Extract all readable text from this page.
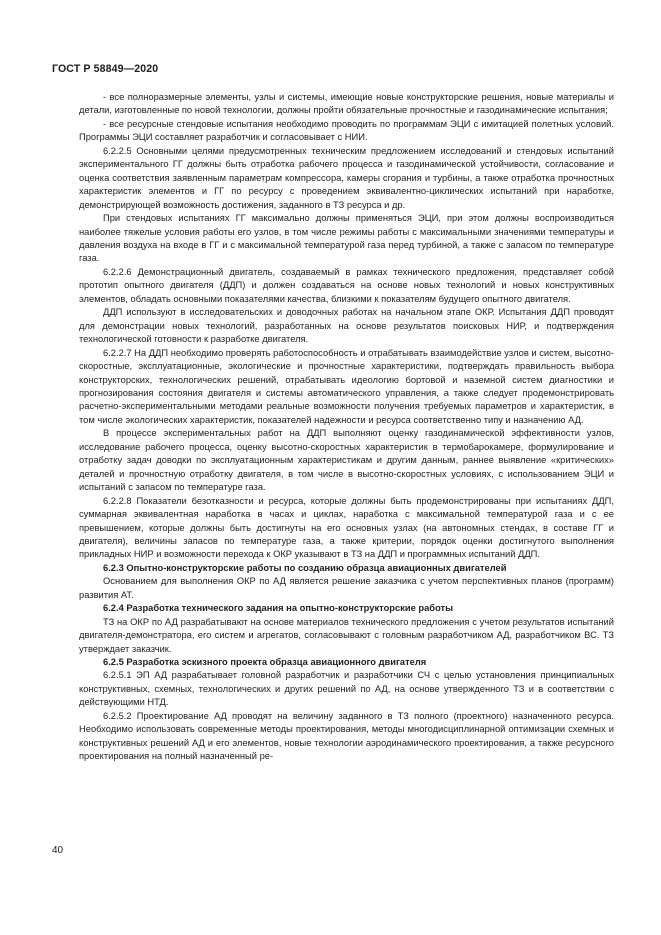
ГОСТ Р 58849—2020

- все полноразмерные элементы, узлы и системы, имеющие новые конструкторские решения, новые материалы и детали, изготовленные по новой технологии, должны пройти обязательные прочностные и газодинамические испытания;

- все ресурсные стендовые испытания необходимо проводить по программам ЭЦИ с имитацией полетных условий. Программы ЭЦИ составляет разработчик и согласовывает с НИИ.

6.2.2.5 Основными целями предусмотренных техническим предложением исследований и стендовых испытаний экспериментального ГГ должны быть отработка рабочего процесса и газодинамической устойчивости, согласование и оценка соответствия заявленным параметрам компрессора, камеры сгорания и турбины, а также отработка прочностных характеристик элементов и ГГ по ресурсу с проведением эквивалентно-циклических испытаний при наработке, демонстрирующей возможность достижения, заданного в ТЗ ресурса и др.

При стендовых испытаниях ГГ максимально должны применяться ЭЦИ, при этом должны воспроизводиться наиболее тяжелые условия работы его узлов, в том числе режимы работы с максимальными значениями температуры и давления воздуха на входе в ГГ и с максимальной температурой газа перед турбиной, а также с запасом по температуре газа.

6.2.2.6 Демонстрационный двигатель, создаваемый в рамках технического предложения, представляет собой прототип опытного двигателя (ДДП) и должен создаваться на основе новых технологий и новых конструктивных элементов, обладать основными показателями качества, близкими к показателям будущего опытного двигателя.

ДДП используют в исследовательских и доводочных работах на начальном этапе ОКР. Испытания ДДП проводят для демонстрации новых технологий, разработанных на основе результатов поисковых НИР, и подтверждения технологической готовности к разработке двигателя.

6.2.2.7 На ДДП необходимо проверять работоспособность и отрабатывать взаимодействие узлов и систем, высотно-скоростные, эксплуатационные, экологические и прочностные характеристики, подтверждать правильность выбора конструкторских, технологических решений, отрабатывать идеологию бортовой и наземной систем диагностики и прогнозирования состояния двигателя и системы автоматического управления, а также следует продемонстрировать расчетно-экспериментальными методами реальные возможности получения требуемых параметров и характеристик, в том числе экологических характеристик, показателей надежности и ресурса соответственно типу и назначению АД.

В процессе экспериментальных работ на ДДП выполняют оценку газодинамической эффективности узлов, исследование рабочего процесса, оценку высотно-скоростных характеристик в термобарокамере, формулирование и отработку задач доводки по эксплуатационным характеристикам и другим данным, раннее выявление «критических» деталей и прочностную отработку двигателя, в том числе в высотно-скоростных условиях, с использованием ЭЦИ и испытаний с запасом по температуре газа.

6.2.2.8 Показатели безотказности и ресурса, которые должны быть продемонстрированы при испытаниях ДДП, суммарная эквивалентная наработка в часах и циклах, наработка с максимальной температурой газа и с ее превышением, которые должны быть достигнуты на его основных узлах (на автономных стендах, в составе ГГ и двигателя), величины запасов по температуре газа, а также критерии, порядок оценки достигнутого выполнения прикладных НИР и возможности перехода к ОКР указывают в ТЗ на ДДП и программных испытаний ДДП.

6.2.3 Опытно-конструкторские работы по созданию образца авиационных двигателей

Основанием для выполнения ОКР по АД является решение заказчика с учетом перспективных планов (программ) развития АТ.

6.2.4 Разработка технического задания на опытно-конструкторские работы

ТЗ на ОКР по АД разрабатывают на основе материалов технического предложения с учетом результатов испытаний двигателя-демонстратора, его систем и агрегатов, согласовывают с головным разработчиком АД, разработчиком ВС. ТЗ утверждает заказчик.

6.2.5 Разработка эскизного проекта образца авиационного двигателя

6.2.5.1 ЭП АД разрабатывает головной разработчик и разработчики СЧ с целью установления принципиальных конструктивных, схемных, технологических и других решений по АД, на основе утвержденного ТЗ и в соответствии с действующими НТД.

6.2.5.2 Проектирование АД проводят на величину заданного в ТЗ полного (проектного) назначенного ресурса. Необходимо использовать современные методы проектирования, методы многодисциплинарной оптимизации схемных и конструктивных решений АД и его элементов, новые технологии аэродинамического проектирования, а также ресурсного проектирования на полный назначенный ре-

40
